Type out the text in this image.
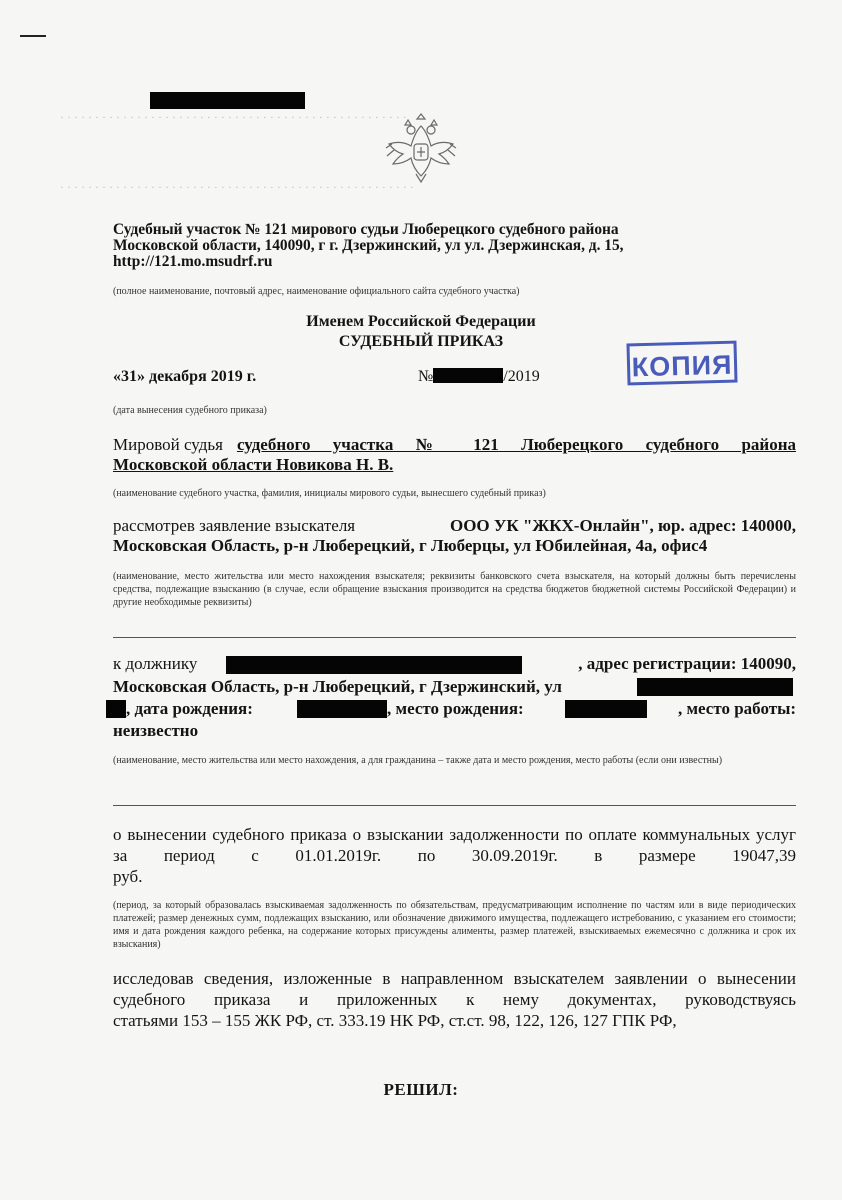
· · · · · · · · · · · · · · · · · · · · · · · · · · · · · · · · · · · · · · · · · · · · · · · · · ·
· · · · · · · · · · · · · · · · · · · · · · · · · · · · · · · · · · · · · · · · · · · · · · · · · · ·
Судебный участок № 121 мирового судьи Люберецкого судебного района
Московской области, 140090, г г. Дзержинский, ул ул. Дзержинская, д. 15,
http://121.mo.msudrf.ru
(полное наименование, почтовый адрес, наименование официального сайта судебного участка)
Именем Российской Федерации
СУДЕБНЫЙ ПРИКАЗ
КОПИЯ
«31» декабря 2019 г.	№	/2019
(дата вынесения судебного приказа)
Мировой судья судебного участка № 121 Люберецкого судебного района
Московской области Новикова Н. В.
(наименование судебного участка, фамилия, инициалы мирового судьи, вынесшего судебный приказ)
рассмотрев заявление взыскателя	ООО УК "ЖКХ-Онлайн", юр. адрес: 140000,
Московская Область, р-н Люберецкий, г Люберцы, ул Юбилейная, 4а, офис4
(наименование, место жительства или место нахождения взыскателя; реквизиты банковского счета взыскателя, на который должны быть перечислены средства, подлежащие взысканию (в случае, если обращение взыскания производится на средства бюджетов бюджетной системы Российской Федерации) и другие необходимые реквизиты)
к должнику	, адрес регистрации: 140090,
Московская Область, р-н Люберецкий, г Дзержинский, ул
, дата рождения:	, место рождения:	, место работы:
неизвестно
(наименование, место жительства или место нахождения, а для гражданина – также дата и место рождения, место работы (если они известны)
о вынесении судебного приказа о взыскании задолженности по оплате коммунальных услуг за период с 01.01.2019г. по 30.09.2019г. в размере 19047,39
руб.
(период, за который образовалась взыскиваемая задолженность по обязательствам, предусматривающим исполнение по частям или в виде периодических платежей; размер денежных сумм, подлежащих взысканию, или обозначение движимого имущества, подлежащего истребованию, с указанием его стоимости; имя и дата рождения каждого ребенка, на содержание которых присуждены алименты, размер платежей, взыскиваемых ежемесячно с должника и срок их взыскания)
исследовав сведения, изложенные в направленном взыскателем заявлении о вынесении судебного приказа и приложенных к нему документах, руководствуясь
статьями 153 – 155 ЖК РФ, ст. 333.19 НК РФ, ст.ст. 98, 122, 126, 127 ГПК РФ,
РЕШИЛ:
